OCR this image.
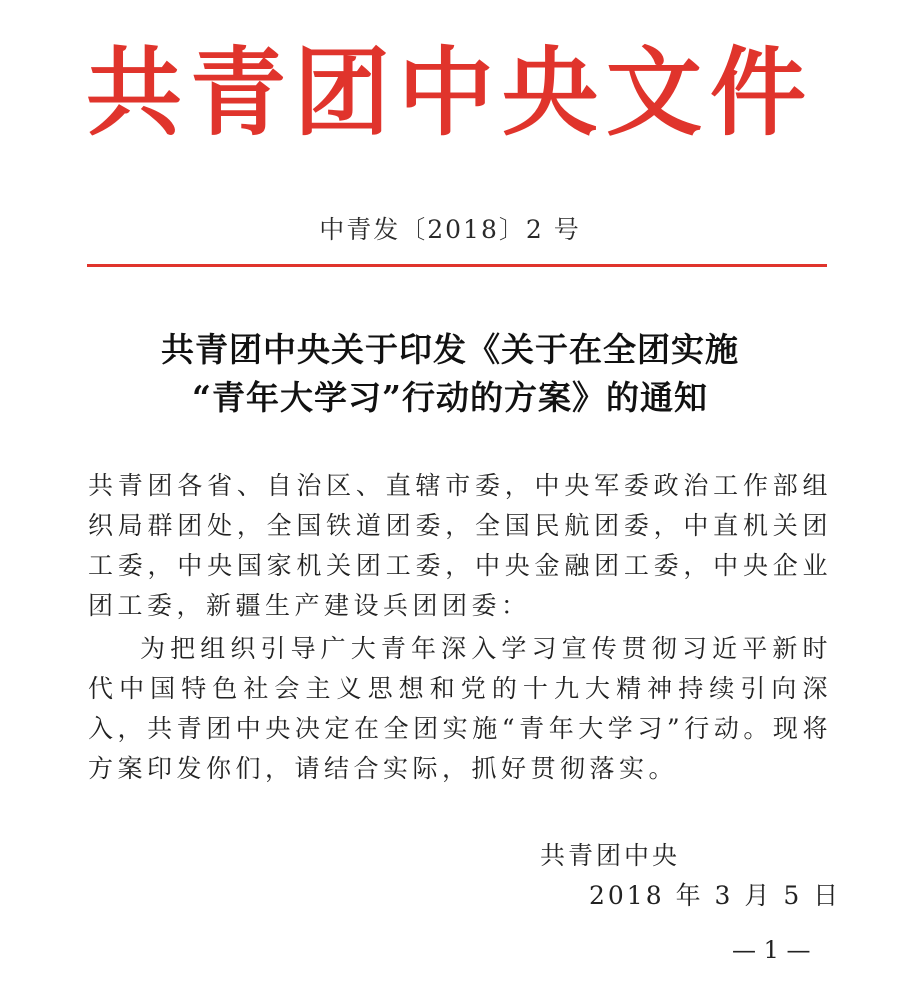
共青团中央文件
中青发〔2018〕2 号
共青团中央关于印发《关于在全团实施
“青年大学习”行动的方案》的通知
共青团各省、自治区、直辖市委，中央军委政治工作部组织局群团处，全国铁道团委，全国民航团委，中直机关团工委，中央国家机关团工委，中央金融团工委，中央企业团工委，新疆生产建设兵团团委：
为把组织引导广大青年深入学习宣传贯彻习近平新时代中国特色社会主义思想和党的十九大精神持续引向深入，共青团中央决定在全团实施“青年大学习”行动。现将方案印发你们，请结合实际，抓好贯彻落实。
共青团中央
2018 年 3 月 5 日
— 1 —
